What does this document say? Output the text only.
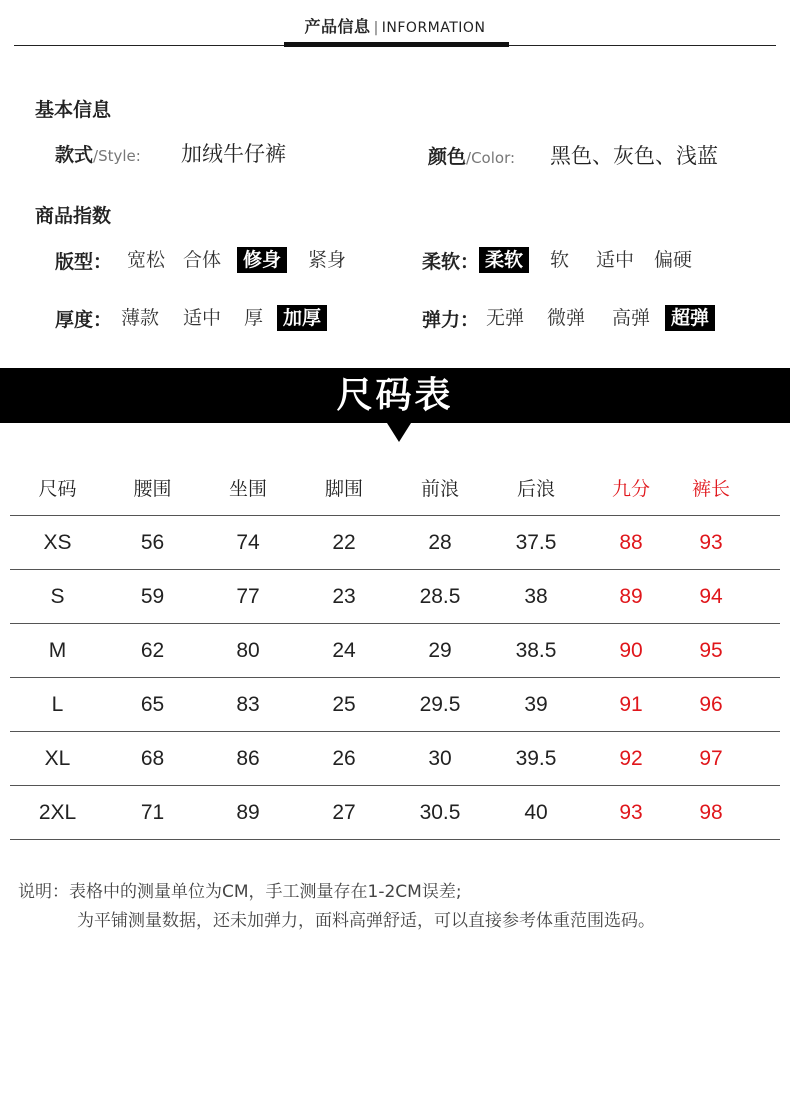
产品信息 | INFORMATION
基本信息
款式/Style: 加绒牛仔裤	颜色/Color: 黑色、灰色、浅蓝
商品指数
版型： 宽松 合体	修身	紧身	柔软： 柔软	软 适中 偏硬
厚度： 薄款 适中 厚	加厚	弹力： 无弹 微弹 高弹	超弹
尺码表
尺码	腰围	坐围	脚围	前浪	后浪	九分	裤长
XS	56	74	22	28	37.5	88	93
S	59	77	23	28.5	38	89	94
M	62	80	24	29	38.5	90	95
L	65	83	25	29.5	39	91	96
XL	68	86	26	30	39.5	92	97
2XL	71	89	27	30.5	40	93	98
说明：表格中的测量单位为CM，手工测量存在1-2CM误差;
为平铺测量数据，还未加弹力，面料高弹舒适，可以直接参考体重范围选码。
